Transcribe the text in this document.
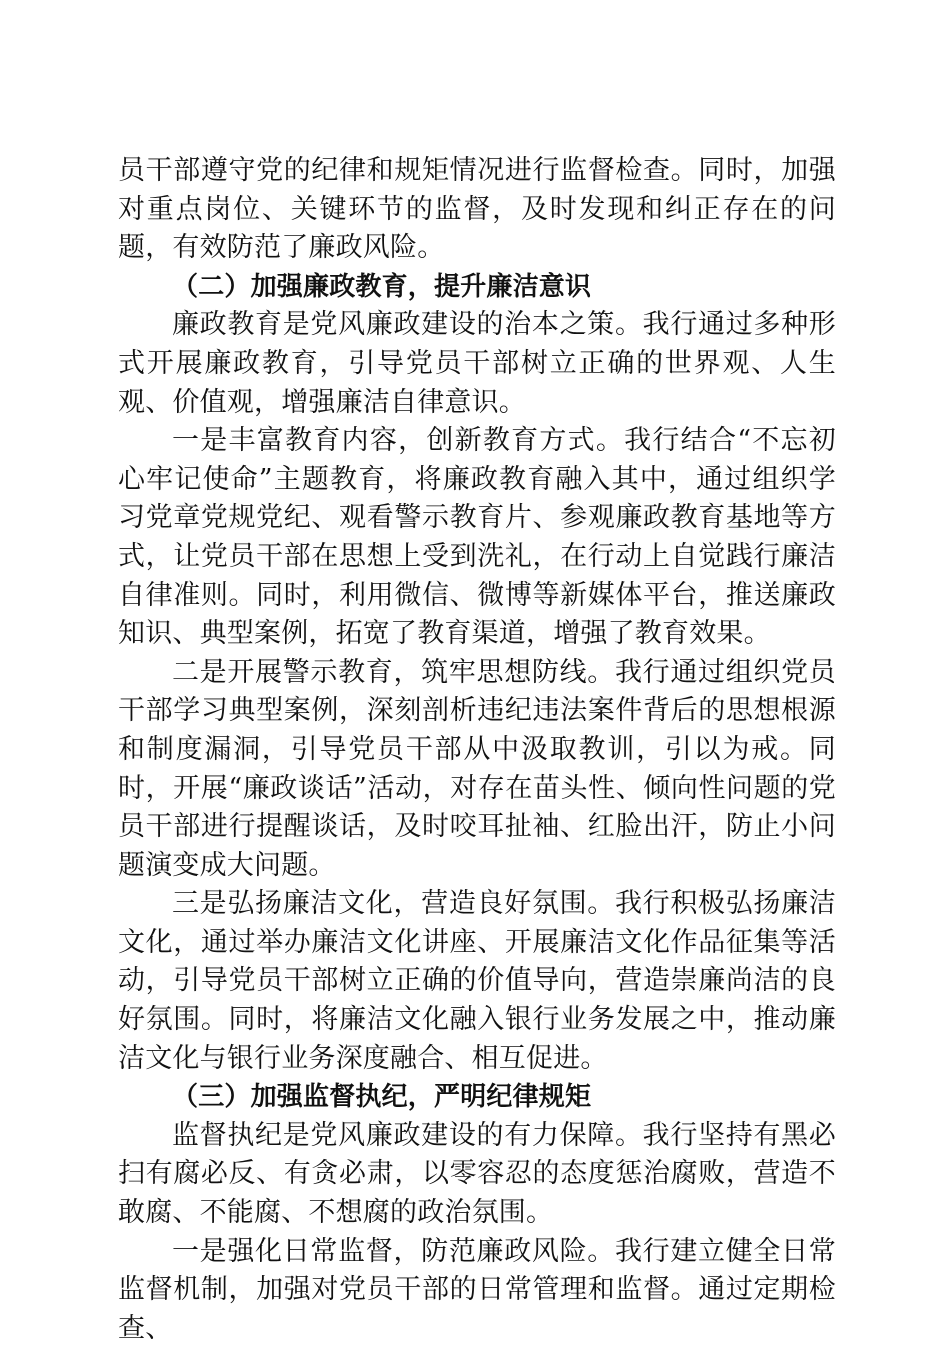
员干部遵守党的纪律和规矩情况进行监督检查。同时，加强对重点岗位、关键环节的监督，及时发现和纠正存在的问题，有效防范了廉政风险。

（二）加强廉政教育，提升廉洁意识

廉政教育是党风廉政建设的治本之策。我行通过多种形式开展廉政教育，引导党员干部树立正确的世界观、人生观、价值观，增强廉洁自律意识。

一是丰富教育内容，创新教育方式。我行结合“不忘初心牢记使命”主题教育，将廉政教育融入其中，通过组织学习党章党规党纪、观看警示教育片、参观廉政教育基地等方式，让党员干部在思想上受到洗礼，在行动上自觉践行廉洁自律准则。同时，利用微信、微博等新媒体平台，推送廉政知识、典型案例，拓宽了教育渠道，增强了教育效果。

二是开展警示教育，筑牢思想防线。我行通过组织党员干部学习典型案例，深刻剖析违纪违法案件背后的思想根源和制度漏洞，引导党员干部从中汲取教训，引以为戒。同时，开展“廉政谈话”活动，对存在苗头性、倾向性问题的党员干部进行提醒谈话，及时咬耳扯袖、红脸出汗，防止小问题演变成大问题。

三是弘扬廉洁文化，营造良好氛围。我行积极弘扬廉洁文化，通过举办廉洁文化讲座、开展廉洁文化作品征集等活动，引导党员干部树立正确的价值导向，营造崇廉尚洁的良好氛围。同时，将廉洁文化融入银行业务发展之中，推动廉洁文化与银行业务深度融合、相互促进。

（三）加强监督执纪，严明纪律规矩

监督执纪是党风廉政建设的有力保障。我行坚持有黑必扫有腐必反、有贪必肃，以零容忍的态度惩治腐败，营造不敢腐、不能腐、不想腐的政治氛围。

一是强化日常监督，防范廉政风险。我行建立健全日常监督机制，加强对党员干部的日常管理和监督。通过定期检查、
